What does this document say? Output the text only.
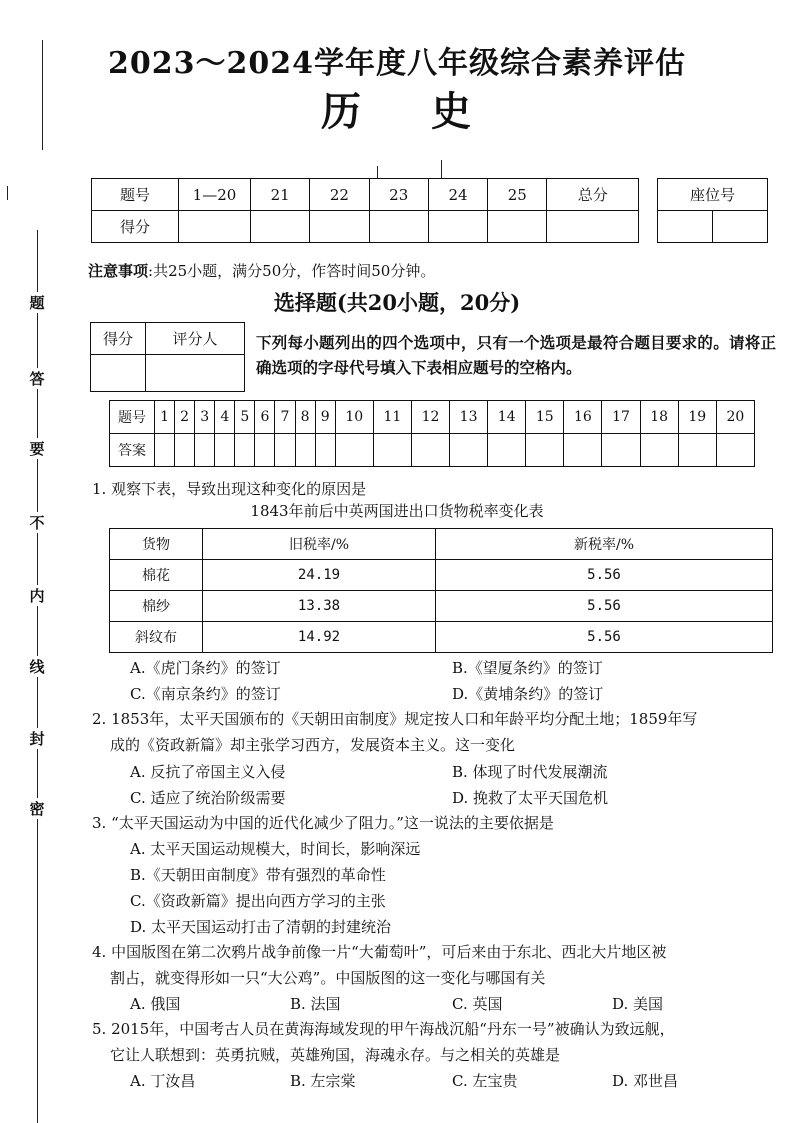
题
答
要
不
内
线
封
密
2023～2024学年度八年级综合素养评估
历 史
题号	1—20	21	22	23	24	25	总分
得分							
座位号

注意事项:共25小题，满分50分，作答时间50分钟。
选择题(共20小题，20分)
得分	评分人
	下列每小题列出的四个选项中，只有一个选项是最符合题目要求的。请将正确选项的字母代号填入下表相应题号的空格内。
题号	1	2	3	4	5	6	7	8	9	10	11	12	13	14	15	16	17	18	19	20
答案																				
1. 观察下表，导致出现这种变化的原因是
1843年前后中英两国进出口货物税率变化表
货物	旧税率/%	新税率/%
棉花	24.19	5.56
棉纱	13.38	5.56
斜纹布	14.92	5.56
A.《虎门条约》的签订	B.《望厦条约》的签订
C.《南京条约》的签订	D.《黄埔条约》的签订
2. 1853年，太平天国颁布的《天朝田亩制度》规定按人口和年龄平均分配土地；1859年写
成的《资政新篇》却主张学习西方，发展资本主义。这一变化
A. 反抗了帝国主义入侵	B. 体现了时代发展潮流
C. 适应了统治阶级需要	D. 挽救了太平天国危机
3. “太平天国运动为中国的近代化减少了阻力。”这一说法的主要依据是
A. 太平天国运动规模大，时间长，影响深远
B.《天朝田亩制度》带有强烈的革命性
C.《资政新篇》提出向西方学习的主张
D. 太平天国运动打击了清朝的封建统治
4. 中国版图在第二次鸦片战争前像一片“大葡萄叶”，可后来由于东北、西北大片地区被
割占，就变得形如一只“大公鸡”。中国版图的这一变化与哪国有关
A. 俄国	B. 法国	C. 英国	D. 美国
5. 2015年，中国考古人员在黄海海域发现的甲午海战沉船“丹东一号”被确认为致远舰，
它让人联想到：英勇抗贼，英雄殉国，海魂永存。与之相关的英雄是
A. 丁汝昌	B. 左宗棠	C. 左宝贵	D. 邓世昌
